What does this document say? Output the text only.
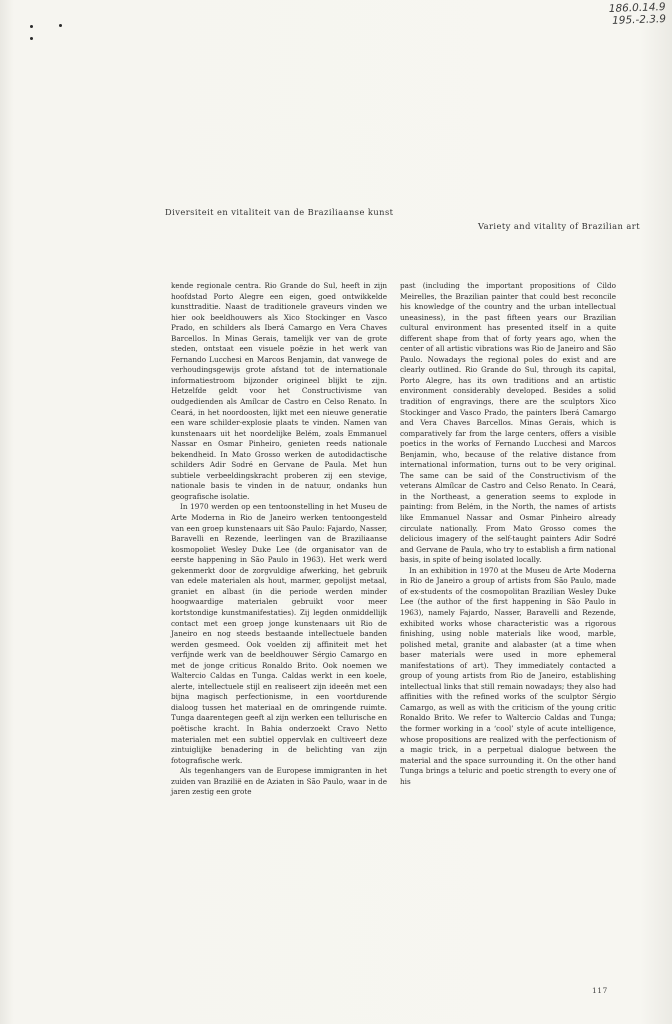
186.0.14.9
195.-2.3.9
Diversiteit en vitaliteit van de Braziliaanse kunst
Variety and vitality of Brazilian art

kende regionale centra. Rio Grande do Sul, heeft in zijn hoofdstad Porto Alegre een eigen, goed ontwikkelde kunsttraditie. Naast de traditionele graveurs vinden we hier ook beeldhouwers als Xico Stockinger en Vasco Prado, en schilders als Iberá Camargo en Vera Chaves Barcellos. In Minas Gerais, tamelijk ver van de grote steden, ontstaat een visuele poëzie in het werk van Fernando Lucchesi en Marcos Benjamin, dat vanwege de verhoudingsgewijs grote afstand tot de internationale informatiestroom bijzonder origineel blijkt te zijn. Hetzelfde geldt voor het Constructivisme van oudgedienden als Amílcar de Castro en Celso Renato. In Ceará, in het noordoosten, lijkt met een nieuwe generatie een ware schilder-explosie plaats te vinden. Namen van kunstenaars uit het noordelijke Belém, zoals Emmanuel Nassar en Osmar Pinheiro, genieten reeds nationale bekendheid. In Mato Grosso werken de autodidactische schilders Adir Sodré en Gervane de Paula. Met hun subtiele verbeeldingskracht proberen zij een stevige, nationale basis te vinden in de natuur, ondanks hun geografische isolatie.

In 1970 werden op een tentoonstelling in het Museu de Arte Moderna in Rio de Janeiro werken tentoongesteld van een groep kunstenaars uit São Paulo: Fajardo, Nasser, Baravelli en Rezende, leerlingen van de Braziliaanse kosmopoliet Wesley Duke Lee (de organisator van de eerste happening in São Paulo in 1963). Het werk werd gekenmerkt door de zorgvuldige afwerking, het gebruik van edele materialen als hout, marmer, gepolijst metaal, graniet en albast (in die periode werden minder hoogwaardige materialen gebruikt voor meer kortstondige kunstmanifestaties). Zij legden onmiddellijk contact met een groep jonge kunstenaars uit Rio de Janeiro en nog steeds bestaande intellectuele banden werden gesmeed. Ook voelden zij affiniteit met het verfijnde werk van de beeldhouwer Sérgio Camargo en met de jonge criticus Ronaldo Brito. Ook noemen we Waltercio Caldas en Tunga. Caldas werkt in een koele, alerte, intellectuele stijl en realiseert zijn ideeën met een bijna magisch perfectionisme, in een voortdurende dialoog tussen het materiaal en de omringende ruimte. Tunga daarentegen geeft al zijn werken een tellurische en poëtische kracht. In Bahia onderzoekt Cravo Netto materialen met een subtiel oppervlak en cultiveert deze zintuiglijke benadering in de belichting van zijn fotografische werk.

Als tegenhangers van de Europese immigranten in het zuiden van Brazilië en de Aziaten in São Paulo, waar in de jaren zestig een grote

past (including the important propositions of Cildo Meirelles, the Brazilian painter that could best reconcile his knowledge of the country and the urban intellectual uneasiness), in the past fifteen years our Brazilian cultural environment has presented itself in a quite different shape from that of forty years ago, when the center of all artistic vibrations was Rio de Janeiro and São Paulo. Nowadays the regional poles do exist and are clearly outlined. Rio Grande do Sul, through its capital, Porto Alegre, has its own traditions and an artistic environment considerably developed. Besides a solid tradition of engravings, there are the sculptors Xico Stockinger and Vasco Prado, the painters Iberá Camargo and Vera Chaves Barcellos. Minas Gerais, which is comparatively far from the large centers, offers a visible poetics in the works of Fernando Lucchesi and Marcos Benjamin, who, because of the relative distance from international information, turns out to be very original. The same can be said of the Constructivism of the veterans Almílcar de Castro and Celso Renato. In Ceará, in the Northeast, a generation seems to explode in painting: from Belém, in the North, the names of artists like Emmanuel Nassar and Osmar Pinheiro already circulate nationally. From Mato Grosso comes the delicious imagery of the self-taught painters Adir Sodré and Gervane de Paula, who try to establish a firm national basis, in spite of being isolated locally.

In an exhibition in 1970 at the Museu de Arte Moderna in Rio de Janeiro a group of artists from São Paulo, made of ex-students of the cosmopolitan Brazilian Wesley Duke Lee (the author of the first happening in São Paulo in 1963), namely Fajardo, Nasser, Baravelli and Rezende, exhibited works whose characteristic was a rigorous finishing, using noble materials like wood, marble, polished metal, granite and alabaster (at a time when baser materials were used in more ephemeral manifestations of art). They immediately contacted a group of young artists from Rio de Janeiro, establishing intellectual links that still remain nowadays; they also had affinities with the refined works of the sculptor Sérgio Camargo, as well as with the criticism of the young critic Ronaldo Brito. We refer to Waltercio Caldas and Tunga; the former working in a ‘cool’ style of acute intelligence, whose propositions are realized with the perfectionism of a magic trick, in a perpetual dialogue between the material and the space surrounding it. On the other hand Tunga brings a teluric and poetic strength to every one of his

117
